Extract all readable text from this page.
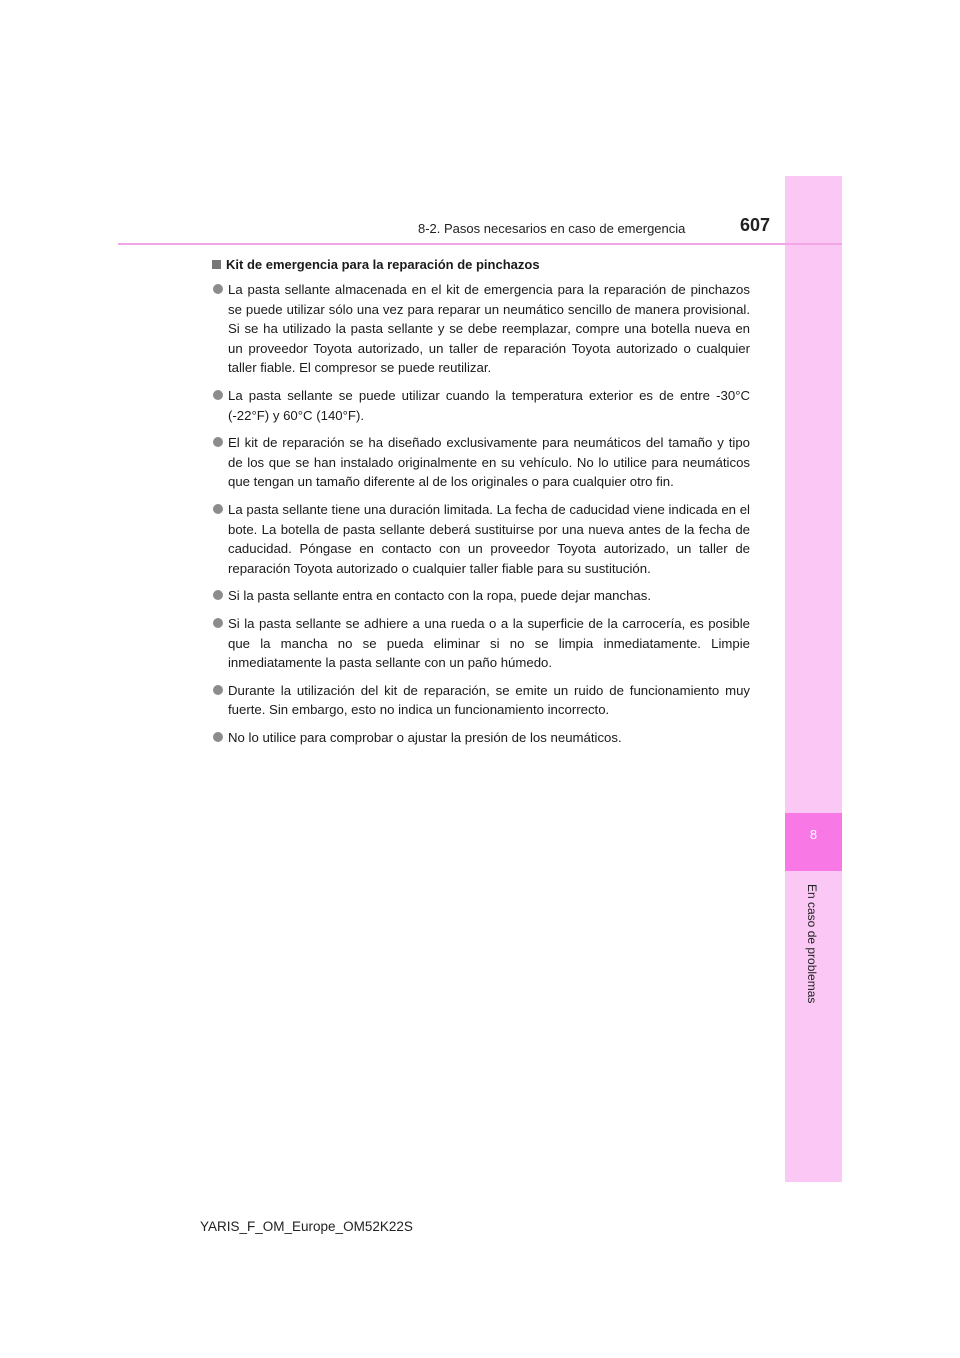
8
En caso de problemas
8-2. Pasos necesarios en caso de emergencia	607
Kit de emergencia para la reparación de pinchazos
La pasta sellante almacenada en el kit de emergencia para la reparación de pinchazos se puede utilizar sólo una vez para reparar un neumático sencillo de manera provisional. Si se ha utilizado la pasta sellante y se debe reemplazar, compre una botella nueva en un proveedor Toyota autorizado, un taller de reparación Toyota autorizado o cualquier taller fiable. El compresor se puede reutilizar.
La pasta sellante se puede utilizar cuando la temperatura exterior es de entre -30°C (-22°F) y 60°C (140°F).
El kit de reparación se ha diseñado exclusivamente para neumáticos del tamaño y tipo de los que se han instalado originalmente en su vehículo. No lo utilice para neumáticos que tengan un tamaño diferente al de los originales o para cualquier otro fin.
La pasta sellante tiene una duración limitada. La fecha de caducidad viene indicada en el bote. La botella de pasta sellante deberá sustituirse por una nueva antes de la fecha de caducidad. Póngase en contacto con un proveedor Toyota autorizado, un taller de reparación Toyota autorizado o cualquier taller fiable para su sustitución.
Si la pasta sellante entra en contacto con la ropa, puede dejar manchas.
Si la pasta sellante se adhiere a una rueda o a la superficie de la carrocería, es posible que la mancha no se pueda eliminar si no se limpia inmediatamente. Limpie inmediatamente la pasta sellante con un paño húmedo.
Durante la utilización del kit de reparación, se emite un ruido de funcionamiento muy fuerte. Sin embargo, esto no indica un funcionamiento incorrecto.
No lo utilice para comprobar o ajustar la presión de los neumáticos.
YARIS_F_OM_Europe_OM52K22S
